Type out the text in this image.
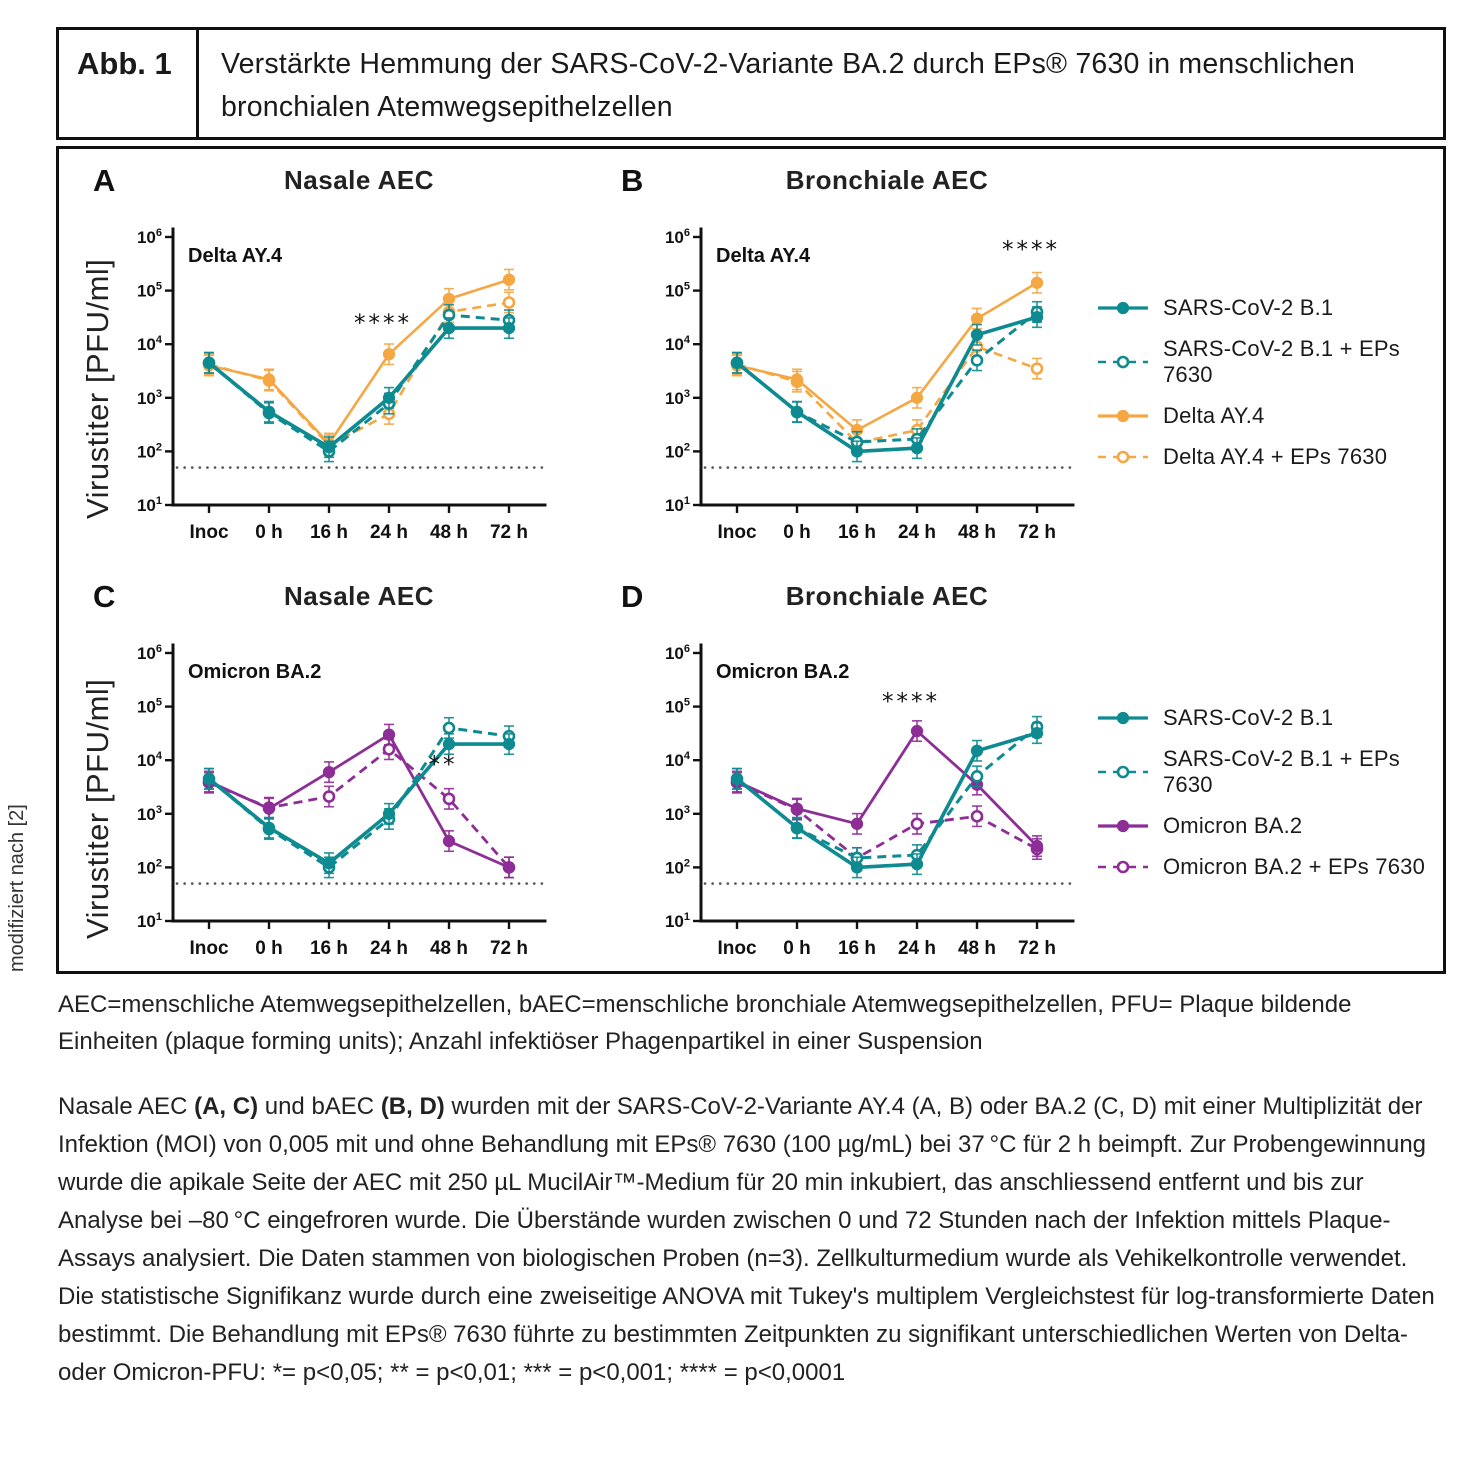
Abb. 1	Verstärkte Hemmung der SARS-CoV-2-Variante BA.2 durch EPs® 7630 in menschlichen bronchialen Atemwegsepithelzellen
Virustiter [PFU/ml]
Virustiter [PFU/ml]
SARS-CoV-2 B.1
SARS-CoV-2 B.1 + EPs 7630
Delta AY.4
Delta AY.4 + EPs 7630
SARS-CoV-2 B.1
SARS-CoV-2 B.1 + EPs 7630
Omicron BA.2
Omicron BA.2 + EPs 7630
A	Nasale AEC
$10^1$
$10^2$
$10^3$
$10^4$
$10^5$
$10^6$
Inoc 0 h 16 h 24 h 48 h 72 h
Delta AY.4
****
B	Bronchiale AEC
$10^1$
$10^2$
$10^3$
$10^4$
$10^5$
$10^6$
Inoc 0 h 16 h 24 h 48 h 72 h
Delta AY.4	****
C	Nasale AEC
$10^1$
$10^2$
$10^3$
$10^4$
$10^5$
$10^6$
Inoc 0 h 16 h 24 h 48 h 72 h
Omicron BA.2
**
D	Bronchiale AEC
$10^1$
$10^2$
$10^3$
$10^4$
$10^5$
$10^6$
Inoc 0 h 16 h 24 h 48 h 72 h
Omicron BA.2
****
modifiziert nach [2]
AEC=menschliche Atemwegsepithelzellen, bAEC=menschliche bronchiale Atemwegsepithelzellen, PFU= Plaque bildende Einheiten (plaque forming units); Anzahl infektiöser Phagenpartikel in einer Suspension
Nasale AEC (A, C) und bAEC (B, D) wurden mit der SARS-CoV-2-Variante AY.4 (A, B) oder BA.2 (C, D) mit einer Multiplizität der Infektion (MOI) von 0,005 mit und ohne Behandlung mit EPs® 7630 (100 µg/mL) bei 37 °C für 2 h beimpft. Zur Probengewinnung wurde die apikale Seite der AEC mit 250 µL MucilAir™-Medium für 20 min inkubiert, das anschliessend entfernt und bis zur Analyse bei –80 °C eingefroren wurde. Die Überstände wurden zwischen 0 und 72 Stunden nach der Infektion mittels Plaque-Assays analysiert. Die Daten stammen von biologischen Proben (n=3). Zellkulturmedium wurde als Vehikelkontrolle verwendet. Die statistische Signifikanz wurde durch eine zweiseitige ANOVA mit Tukey's multiplem Vergleichstest für log-transformierte Daten bestimmt. Die Behandlung mit EPs® 7630 führte zu bestimmten Zeitpunkten zu signifikant unterschiedlichen Werten von Delta- oder Omicron-PFU: *= p<0,05; ** = p<0,01; *** = p<0,001; **** = p<0,0001
